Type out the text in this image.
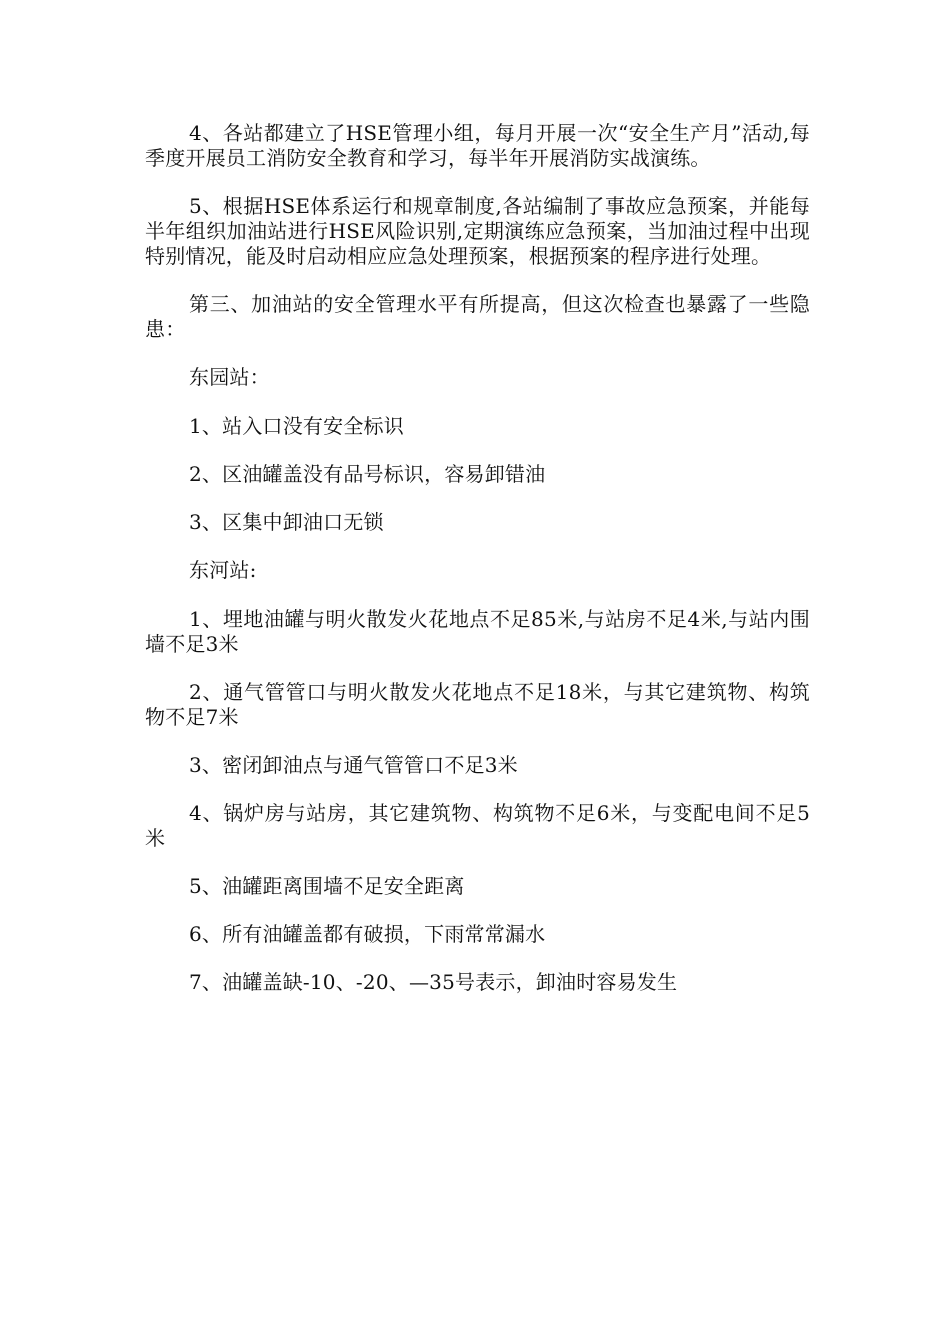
4、各站都建立了HSE管理小组，每月开展一次“安全生产月”活动,每季度开展员工消防安全教育和学习，每半年开展消防实战演练。

5、根据HSE体系运行和规章制度,各站编制了事故应急预案，并能每半年组织加油站进行HSE风险识别,定期演练应急预案，当加油过程中出现特别情况，能及时启动相应应急处理预案，根据预案的程序进行处理。

第三、加油站的安全管理水平有所提高，但这次检查也暴露了一些隐患：

东园站：

1、站入口没有安全标识

2、区油罐盖没有品号标识，容易卸错油

3、区集中卸油口无锁

东河站:

1、埋地油罐与明火散发火花地点不足85米,与站房不足4米,与站内围墙不足3米

2、通气管管口与明火散发火花地点不足18米，与其它建筑物、构筑物不足7米

3、密闭卸油点与通气管管口不足3米

4、锅炉房与站房，其它建筑物、构筑物不足6米，与变配电间不足5米

5、油罐距离围墙不足安全距离

6、所有油罐盖都有破损，下雨常常漏水

7、油罐盖缺-10、-20、—35号表示，卸油时容易发生
